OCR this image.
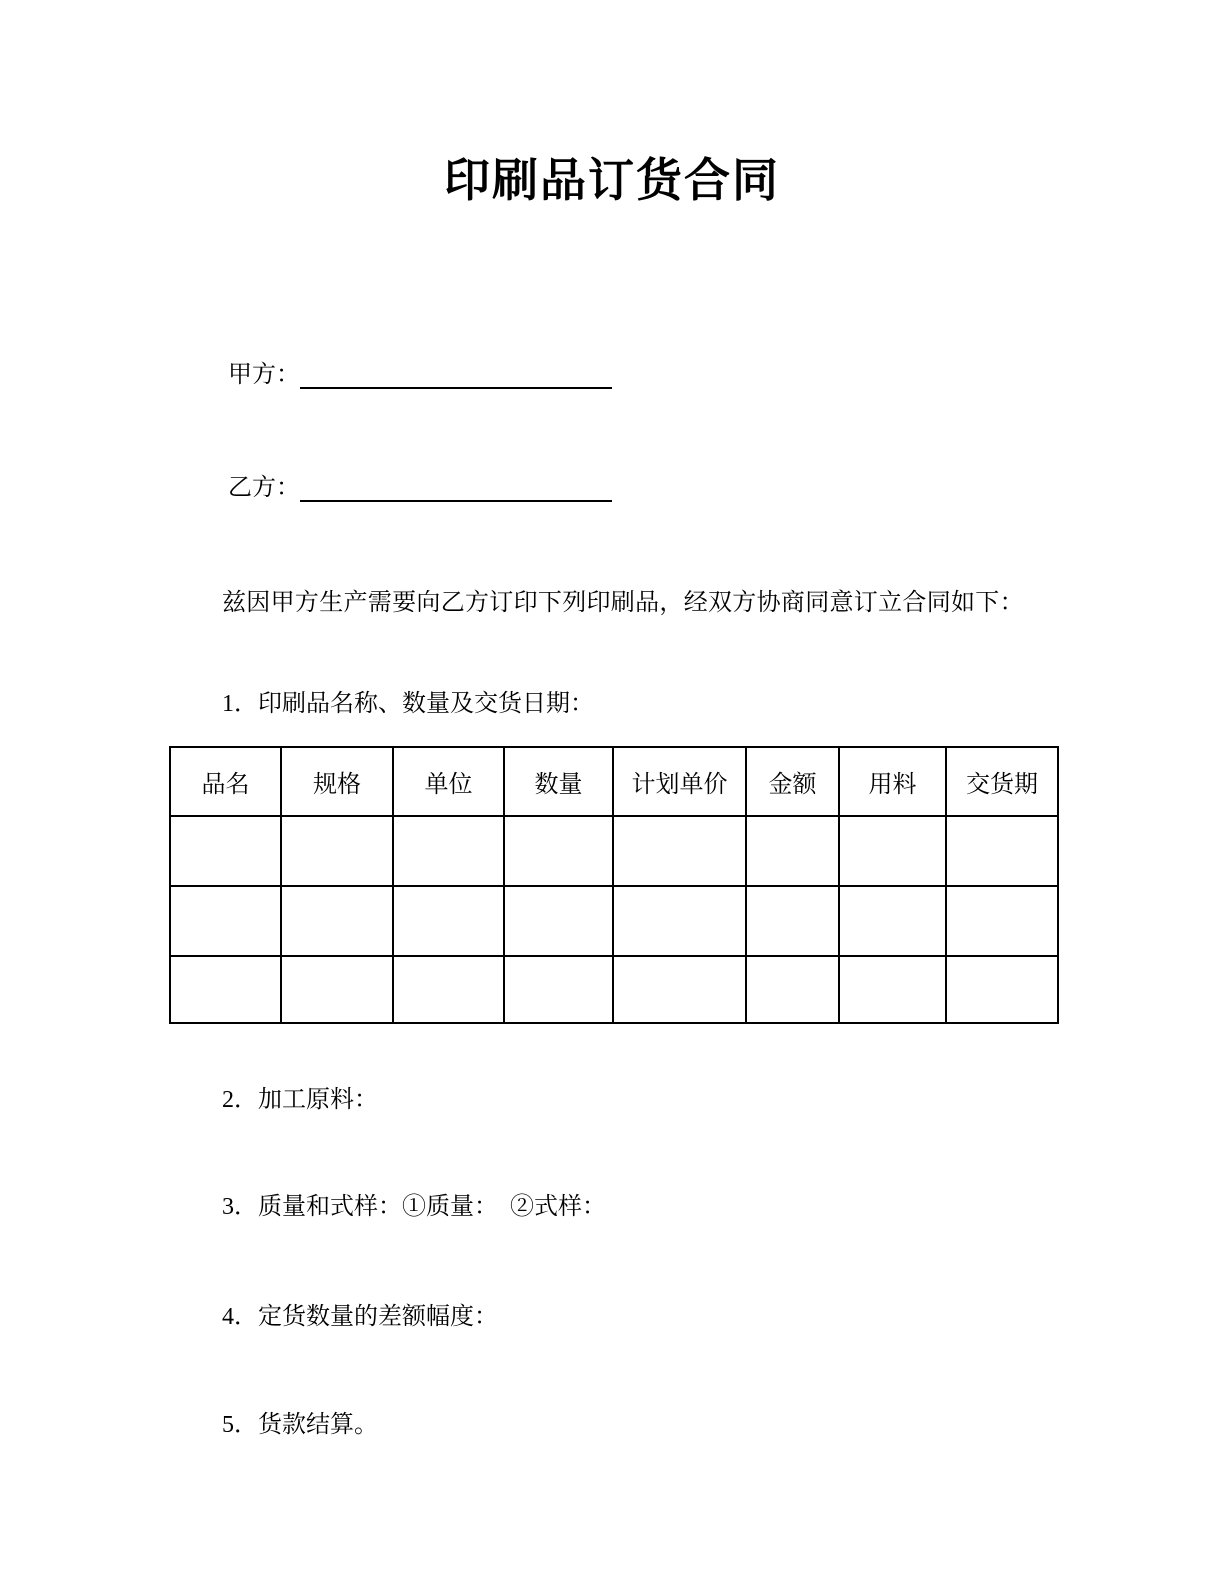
印刷品订货合同
甲方：
乙方：

兹因甲方生产需要向乙方订印下列印刷品，经双方协商同意订立合同如下：

1．印刷品名称、数量及交货日期：

品名	规格	单位	数量	计划单价	金额	用料	交货期

2．加工原料：

3．质量和式样：①质量：　②式样：

4．定货数量的差额幅度：

5．货款结算。
